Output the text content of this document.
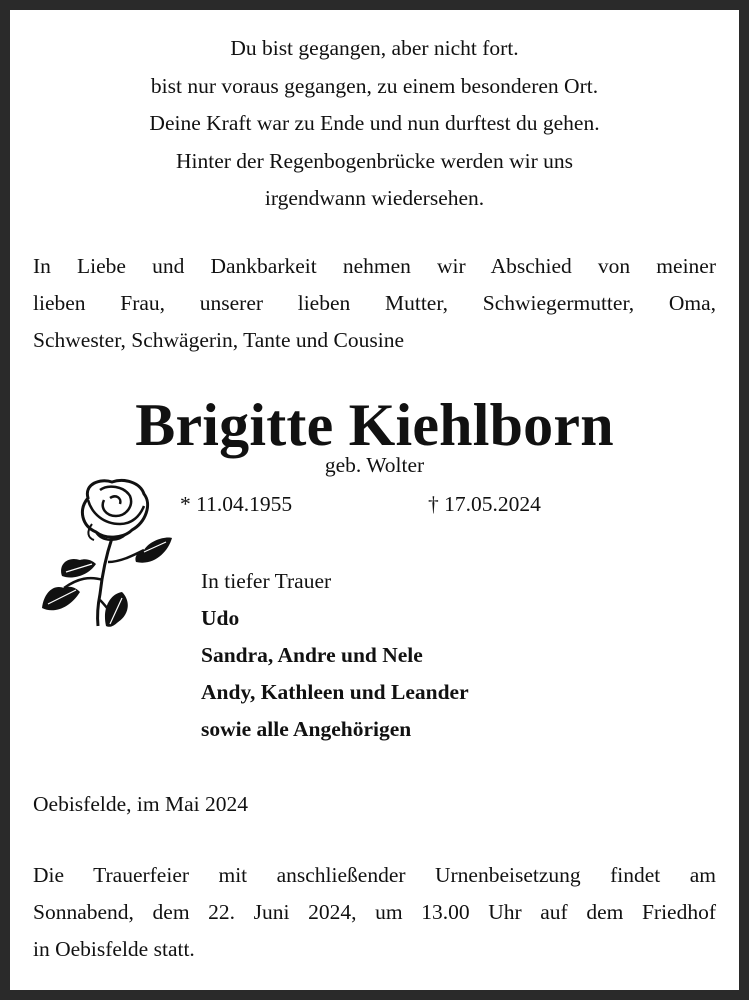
Du bist gegangen, aber nicht fort.
bist nur voraus gegangen, zu einem besonderen Ort.
Deine Kraft war zu Ende und nun durftest du gehen.
Hinter der Regenbogenbrücke werden wir uns
irgendwann wiedersehen.
In Liebe und Dankbarkeit nehmen wir Abschied von meiner
lieben Frau, unserer lieben Mutter, Schwiegermutter, Oma,
Schwester, Schwägerin, Tante und Cousine
Brigitte Kiehlborn
geb. Wolter
* 11.04.1955	† 17.05.2024
In tiefer Trauer
Udo
Sandra, Andre und Nele
Andy, Kathleen und Leander
sowie alle Angehörigen
Oebisfelde, im Mai 2024
Die Trauerfeier mit anschließender Urnenbeisetzung findet am
Sonnabend, dem 22. Juni 2024, um 13.00 Uhr auf dem Friedhof
in Oebisfelde statt.
